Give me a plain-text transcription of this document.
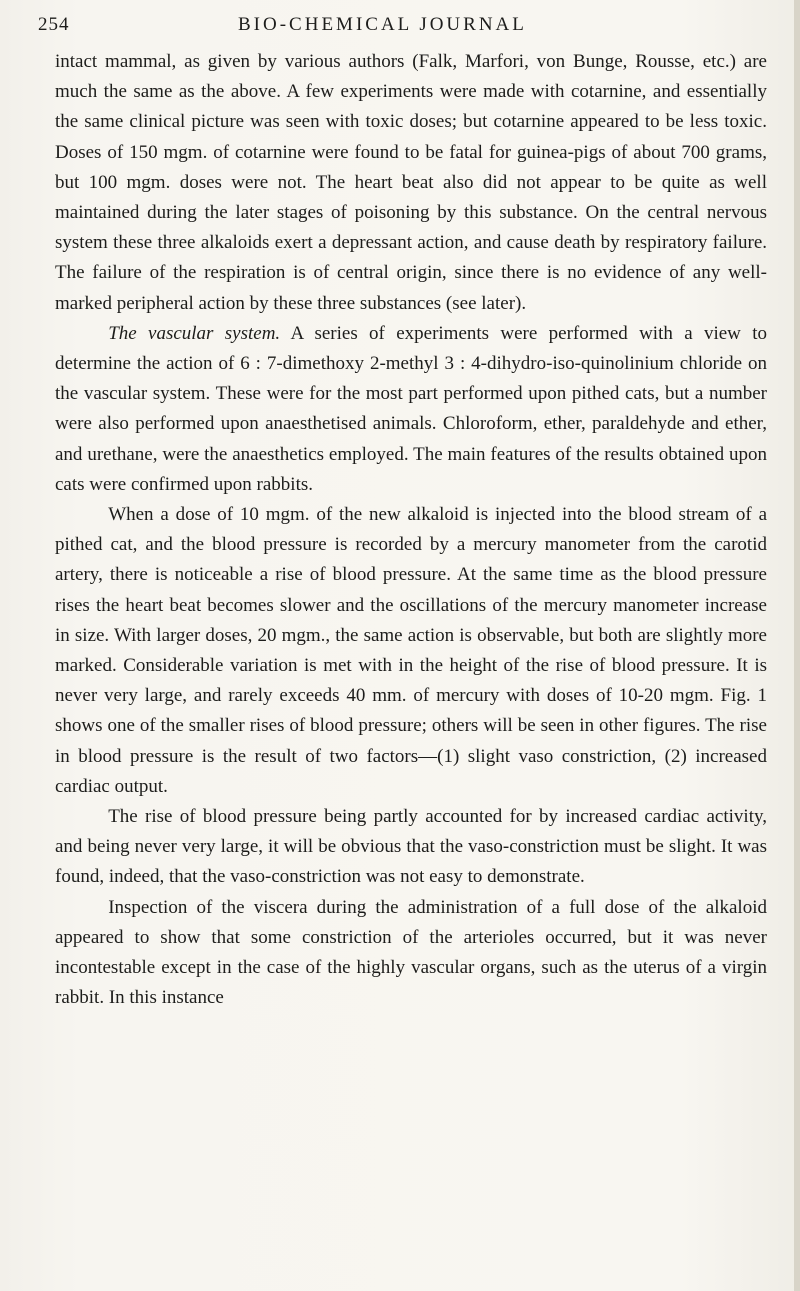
254	BIO-CHEMICAL JOURNAL

intact mammal, as given by various authors (Falk, Marfori, von Bunge, Rousse, etc.) are much the same as the above. A few experiments were made with cotarnine, and essentially the same clinical picture was seen with toxic doses; but cotarnine appeared to be less toxic. Doses of 150 mgm. of cotarnine were found to be fatal for guinea-pigs of about 700 grams, but 100 mgm. doses were not. The heart beat also did not appear to be quite as well maintained during the later stages of poisoning by this substance. On the central nervous system these three alkaloids exert a depressant action, and cause death by respiratory failure. The failure of the respiration is of central origin, since there is no evidence of any well-marked peripheral action by these three substances (see later).

The vascular system. A series of experiments were performed with a view to determine the action of 6 : 7-dimethoxy 2-methyl 3 : 4-dihydro-iso-quinolinium chloride on the vascular system. These were for the most part performed upon pithed cats, but a number were also performed upon anaesthetised animals. Chloroform, ether, paraldehyde and ether, and urethane, were the anaesthetics employed. The main features of the results obtained upon cats were confirmed upon rabbits.

When a dose of 10 mgm. of the new alkaloid is injected into the blood stream of a pithed cat, and the blood pressure is recorded by a mercury manometer from the carotid artery, there is noticeable a rise of blood pressure. At the same time as the blood pressure rises the heart beat becomes slower and the oscillations of the mercury manometer increase in size. With larger doses, 20 mgm., the same action is observable, but both are slightly more marked. Considerable variation is met with in the height of the rise of blood pressure. It is never very large, and rarely exceeds 40 mm. of mercury with doses of 10-20 mgm. Fig. 1 shows one of the smaller rises of blood pressure; others will be seen in other figures. The rise in blood pressure is the result of two factors—(1) slight vaso constriction, (2) increased cardiac output.

The rise of blood pressure being partly accounted for by increased cardiac activity, and being never very large, it will be obvious that the vaso-constriction must be slight. It was found, indeed, that the vaso-constriction was not easy to demonstrate.

Inspection of the viscera during the administration of a full dose of the alkaloid appeared to show that some constriction of the arterioles occurred, but it was never incontestable except in the case of the highly vascular organs, such as the uterus of a virgin rabbit. In this instance
